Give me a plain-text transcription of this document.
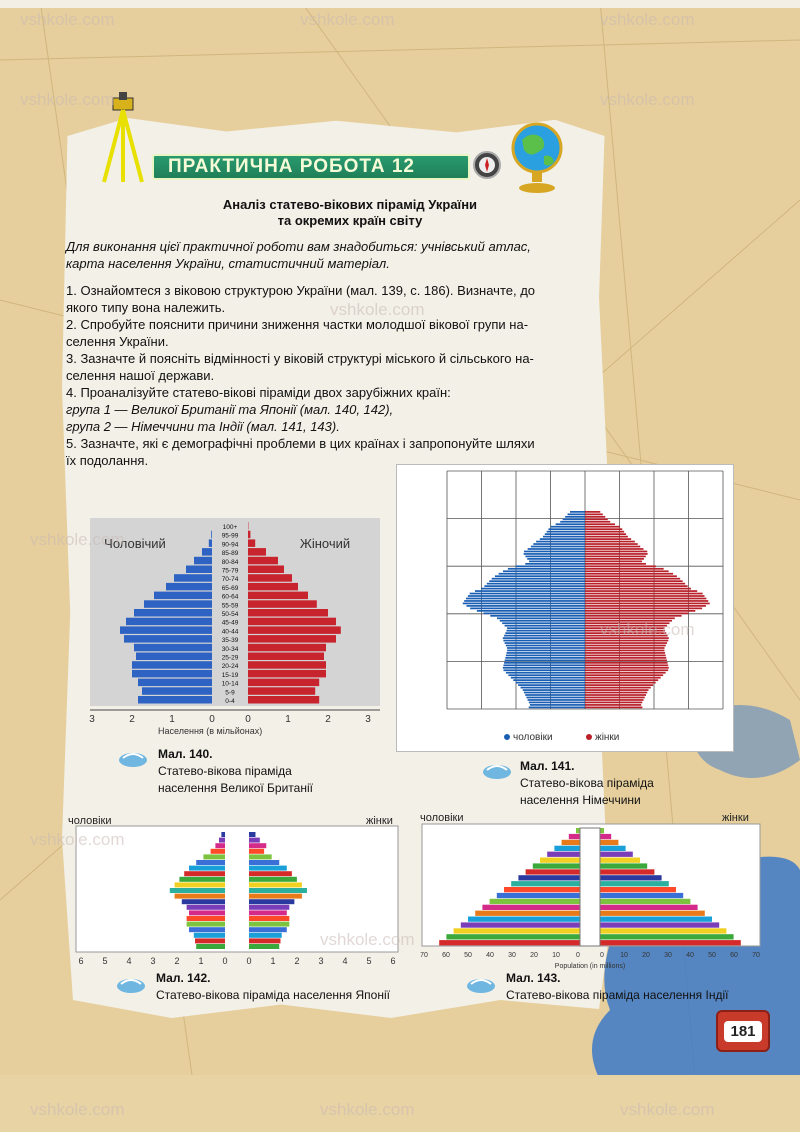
ПРАКТИЧНА РОБОТА 12
Аналіз статево-вікових пірамід України
та окремих країн світу
Для виконання цієї практичної роботи вам знадобиться: учнівський атлас,
карта населення України, статистичний матеріал.
1. Ознайомтеся з віковою структурою України (мал. 139, с. 186). Визначте, до
якого типу вона належить.
2. Спробуйте пояснити причини зниження частки молодшої вікової групи на-
селення України.
3. Зазначте й поясніть відмінності у віковій структурі міського й сільського на-
селення нашої держави.
4. Проаналізуйте статево-вікові піраміди двох зарубіжних країн:
група 1 — Великої Британії та Японії (мал. 140, 142),
група 2 — Німеччини та Індії (мал. 141, 143).
5. Зазначте, які є демографічні проблеми в цих країнах і запропонуйте шляхи
їх подолання.
100+
95-99
90-94
85-89
80-84
75-79
70-74
65-69
60-64
55-59
50-54
45-49
40-44
35-39
30-34
25-29
20-24
15-19
10-14
5-9
0-4
Чоловічий	Жіночий
3	2	1	0	0	1	2	3
Населення (в мільйонах)
Мал. 140.
Статево-вікова піраміда
населення Великої Британії
чоловіки	жінки
Мал. 141.
Статево-вікова піраміда
населення Німеччини
чоловіки	жінки
6 5 4 3 2 1 0 0 1 2 3 4 5 6
Мал. 142.
Статево-вікова піраміда населення Японії
чоловіки	жінки
70 60 50 40 30 20 10 0	0 10 20 30 40 50 60 70
Population (in millions)
Мал. 143.
Статево-вікова піраміда населення Індії
181
vshkole.com	vshkole.com	vshkole.com
vshkole.com	vshkole.com
vshkole.com
vshkole.com
vshkole.com
vshkole.com
vshkole.com
vshkole.com	vshkole.com	vshkole.com
